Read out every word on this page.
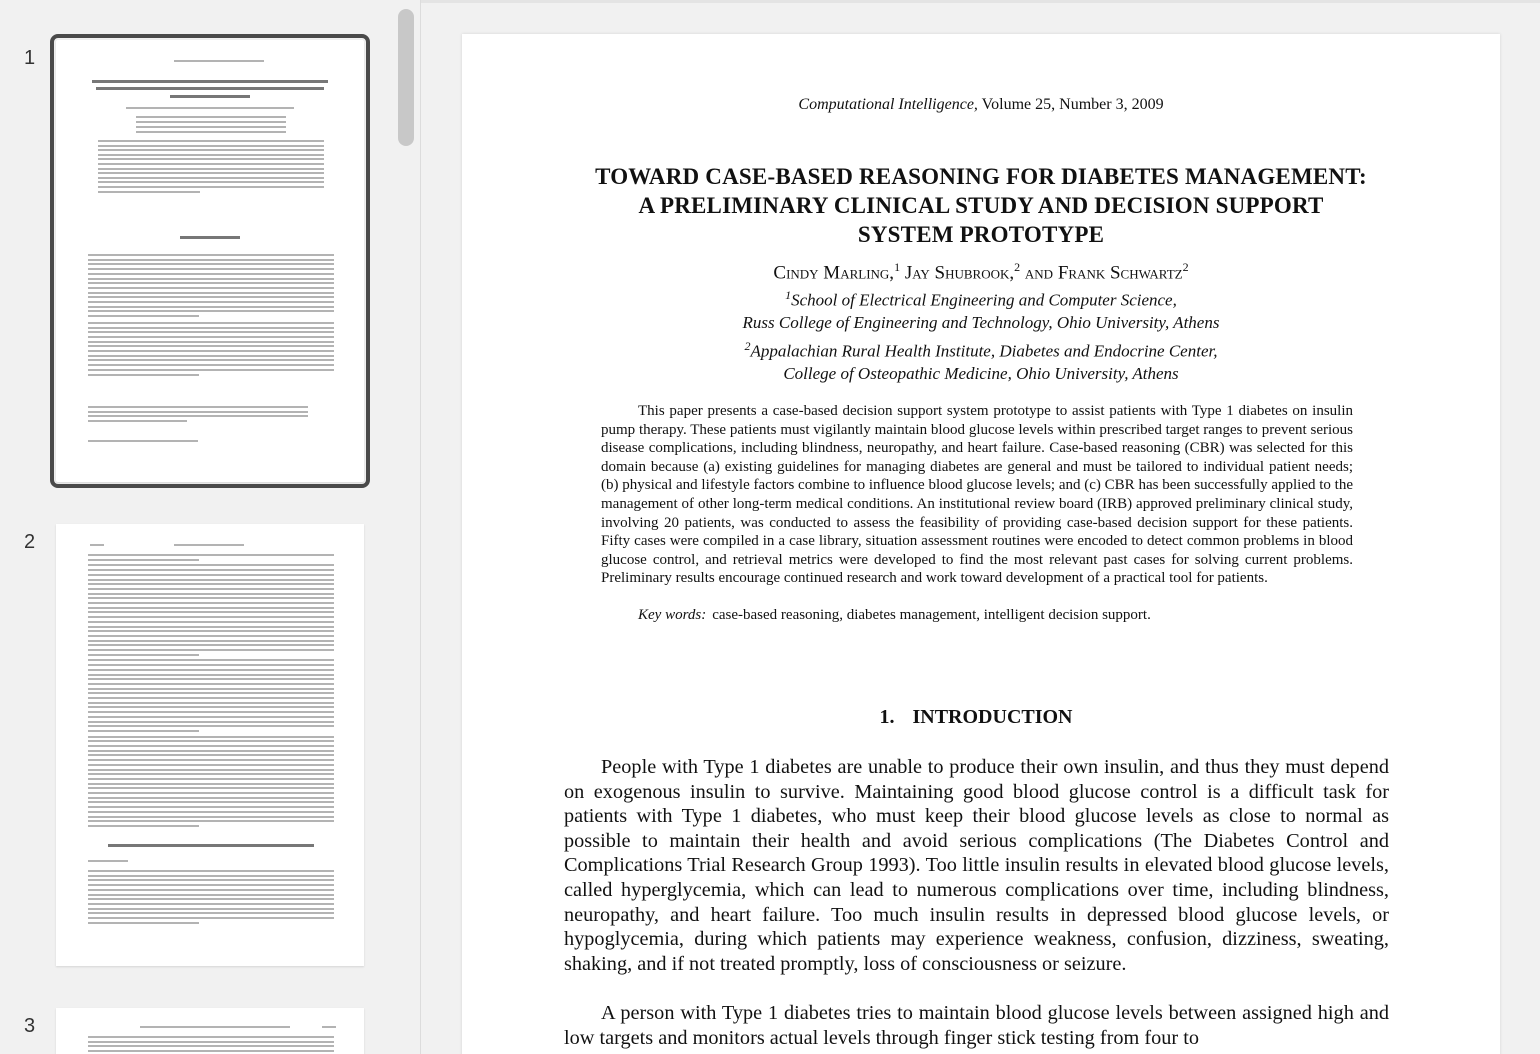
1
2
3
Computational Intelligence, Volume 25, Number 3, 2009
TOWARD CASE-BASED REASONING FOR DIABETES MANAGEMENT:
A PRELIMINARY CLINICAL STUDY AND DECISION SUPPORT
SYSTEM PROTOTYPE
Cindy Marling,$^1$ Jay Shubrook,$^2$ and Frank Schwartz$^2$
$^1$School of Electrical Engineering and Computer Science,
Russ College of Engineering and Technology, Ohio University, Athens
$^2$Appalachian Rural Health Institute, Diabetes and Endocrine Center,
College of Osteopathic Medicine, Ohio University, Athens
This paper presents a case-based decision support system prototype to assist patients with Type 1 diabetes on insulin pump therapy. These patients must vigilantly maintain blood glucose levels within prescribed target ranges to prevent serious disease complications, including blindness, neuropathy, and heart failure. Case-based reasoning (CBR) was selected for this domain because (a) existing guidelines for managing diabetes are general and must be tailored to individual patient needs; (b) physical and lifestyle factors combine to influence blood glucose levels; and (c) CBR has been successfully applied to the management of other long-term medical conditions. An institutional review board (IRB) approved preliminary clinical study, involving 20 patients, was conducted to assess the feasibility of providing case-based decision support for these patients. Fifty cases were compiled in a case library, situation assessment routines were encoded to detect common problems in blood glucose control, and retrieval metrics were developed to find the most relevant past cases for solving current problems. Preliminary results encourage continued research and work toward development of a practical tool for patients.
Key words: case-based reasoning, diabetes management, intelligent decision support.
1. INTRODUCTION
People with Type 1 diabetes are unable to produce their own insulin, and thus they must depend on exogenous insulin to survive. Maintaining good blood glucose control is a difficult task for patients with Type 1 diabetes, who must keep their blood glucose levels as close to normal as possible to maintain their health and avoid serious complications (The Diabetes Control and Complications Trial Research Group 1993). Too little insulin results in elevated blood glucose levels, called hyperglycemia, which can lead to numerous complications over time, including blindness, neuropathy, and heart failure. Too much insulin results in depressed blood glucose levels, or hypoglycemia, during which patients may experience weakness, confusion, dizziness, sweating, shaking, and if not treated promptly, loss of consciousness or seizure.
A person with Type 1 diabetes tries to maintain blood glucose levels between assigned high and low targets and monitors actual levels through finger stick testing from four to
